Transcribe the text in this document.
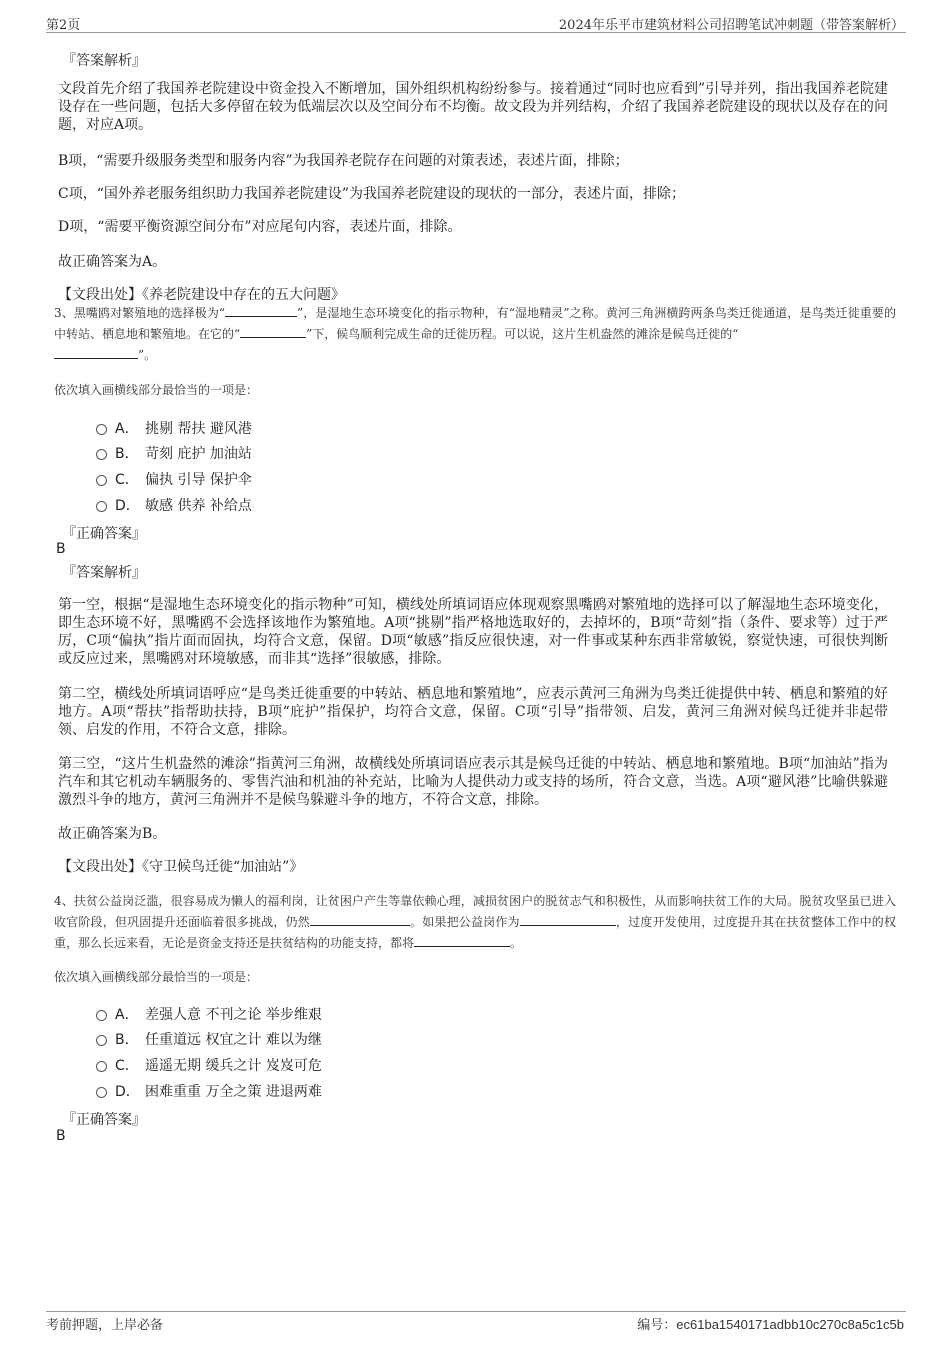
第2页	2024年乐平市建筑材料公司招聘笔试冲刺题（带答案解析）
『答案解析』
文段首先介绍了我国养老院建设中资金投入不断增加，国外组织机构纷纷参与。接着通过“同时也应看到”引导并列，指出我国养老院建设存在一些问题，包括大多停留在较为低端层次以及空间分布不均衡。故文段为并列结构，介绍了我国养老院建设的现状以及存在的问题，对应A项。
B项，“需要升级服务类型和服务内容”为我国养老院存在问题的对策表述，表述片面，排除；
C项，“国外养老服务组织助力我国养老院建设”为我国养老院建设的现状的一部分，表述片面，排除；
D项，“需要平衡资源空间分布”对应尾句内容，表述片面，排除。
故正确答案为A。
【文段出处】《养老院建设中存在的五大问题》
3、黑嘴鸥对繁殖地的选择极为“	”，是湿地生态环境变化的指示物种，有“湿地精灵”之称。黄河三角洲横跨两条鸟类迁徙通道，是鸟类迁徙重要的中转站、栖息地和繁殖地。在它的“	”下，候鸟顺利完成生命的迁徙历程。可以说，这片生机盎然的滩涂是候鸟迁徙的“
”。
依次填入画横线部分最恰当的一项是：
A． 挑剔 帮扶 避风港
B． 苛刻 庇护 加油站
C． 偏执 引导 保护伞
D． 敏感 供养 补给点
『正确答案』
B
『答案解析』
第一空，根据“是湿地生态环境变化的指示物种”可知，横线处所填词语应体现观察黑嘴鸥对繁殖地的选择可以了解湿地生态环境变化，即生态环境不好，黑嘴鸥不会选择该地作为繁殖地。A项“挑剔”指严格地选取好的，去掉坏的，B项“苛刻”指（条件、要求等）过于严厉，C项“偏执”指片面而固执，均符合文意，保留。D项“敏感”指反应很快速，对一件事或某种东西非常敏锐，察觉快速，可很快判断或反应过来，黑嘴鸥对环境敏感，而非其“选择”很敏感，排除。
第二空，横线处所填词语呼应“是鸟类迁徙重要的中转站、栖息地和繁殖地”，应表示黄河三角洲为鸟类迁徙提供中转、栖息和繁殖的好地方。A项“帮扶”指帮助扶持，B项“庇护”指保护，均符合文意，保留。C项“引导”指带领、启发，黄河三角洲对候鸟迁徙并非起带领、启发的作用，不符合文意，排除。
第三空，“这片生机盎然的滩涂”指黄河三角洲，故横线处所填词语应表示其是候鸟迁徙的中转站、栖息地和繁殖地。B项“加油站”指为汽车和其它机动车辆服务的、零售汽油和机油的补充站，比喻为人提供动力或支持的场所，符合文意，当选。A项“避风港”比喻供躲避激烈斗争的地方，黄河三角洲并不是候鸟躲避斗争的地方，不符合文意，排除。
故正确答案为B。
【文段出处】《守卫候鸟迁徙“加油站”》
4、扶贫公益岗泛滥，很容易成为懒人的福利岗，让贫困户产生等靠依赖心理，减损贫困户的脱贫志气和积极性，从而影响扶贫工作的大局。脱贫攻坚虽已进入收官阶段，但巩固提升还面临着很多挑战，仍然	。如果把公益岗作为	，过度开发使用，过度提升其在扶贫整体工作中的权重，那么长远来看，无论是资金支持还是扶贫结构的功能支持，都将	。
依次填入画横线部分最恰当的一项是：
A． 差强人意 不刊之论 举步维艰
B． 任重道远 权宜之计 难以为继
C． 遥遥无期 缓兵之计 岌岌可危
D． 困难重重 万全之策 进退两难
『正确答案』
B
考前押题，上岸必备	编号：ec61ba1540171adbb10c270c8a5c1c5b
